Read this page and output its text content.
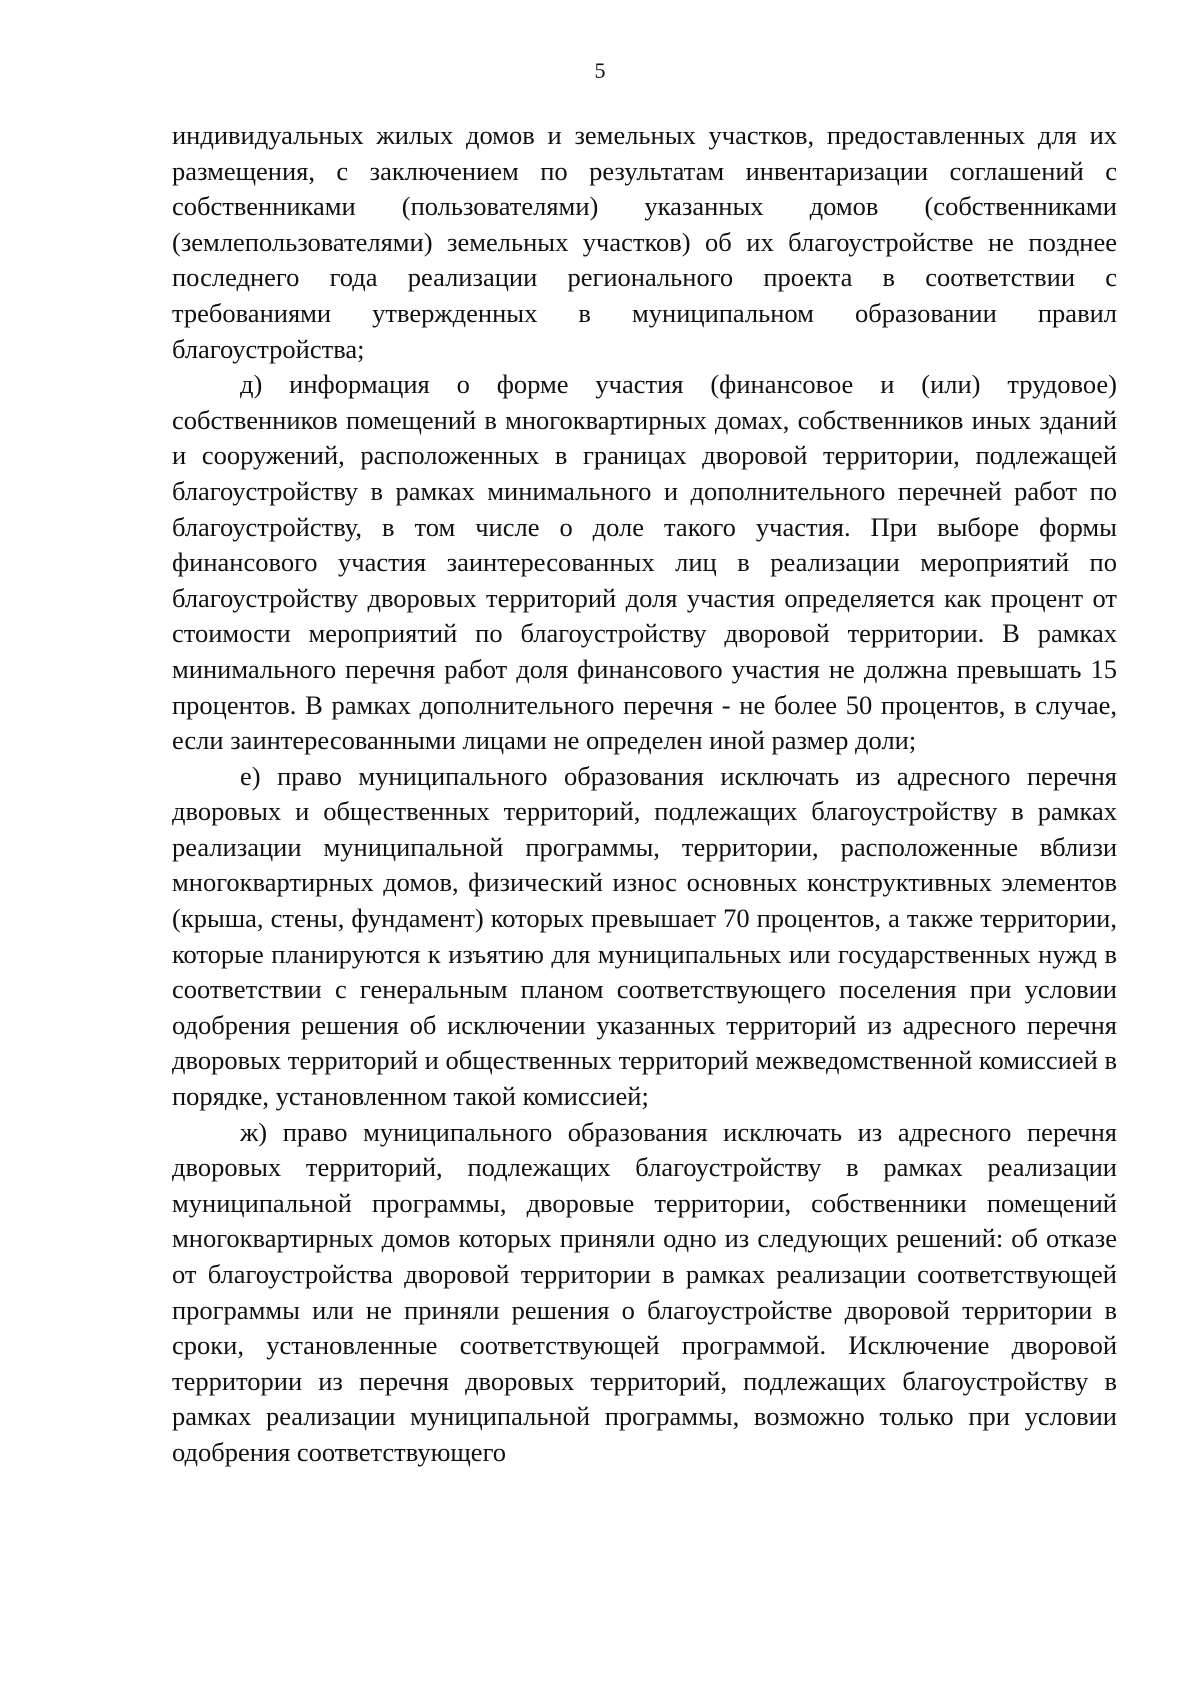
5

индивидуальных жилых домов и земельных участков, предоставленных для их размещения, с заключением по результатам инвентаризации соглашений с собственниками (пользователями) указанных домов (собственниками (землепользователями) земельных участков) об их благоустройстве не позднее последнего года реализации регионального проекта в соответствии с требованиями утвержденных в муниципальном образовании правил благоустройства;

д) информация о форме участия (финансовое и (или) трудовое) собственников помещений в многоквартирных домах, собственников иных зданий и сооружений, расположенных в границах дворовой территории, подлежащей благоустройству в рамках минимального и дополнительного перечней работ по благоустройству, в том числе о доле такого участия. При выборе формы финансового участия заинтересованных лиц в реализации мероприятий по благоустройству дворовых территорий доля участия определяется как процент от стоимости мероприятий по благоустройству дворовой территории. В рамках минимального перечня работ доля финансового участия не должна превышать 15 процентов. В рамках дополнительного перечня - не более 50 процентов, в случае, если заинтересованными лицами не определен иной размер доли;

е) право муниципального образования исключать из адресного перечня дворовых и общественных территорий, подлежащих благоустройству в рамках реализации муниципальной программы, территории, расположенные вблизи многоквартирных домов, физический износ основных конструктивных элементов (крыша, стены, фундамент) которых превышает 70 процентов, а также территории, которые планируются к изъятию для муниципальных или государственных нужд в соответствии с генеральным планом соответствующего поселения при условии одобрения решения об исключении указанных территорий из адресного перечня дворовых территорий и общественных территорий межведомственной комиссией в порядке, установленном такой комиссией;

ж) право муниципального образования исключать из адресного перечня дворовых территорий, подлежащих благоустройству в рамках реализации муниципальной программы, дворовые территории, собственники помещений многоквартирных домов которых приняли одно из следующих решений: об отказе от благоустройства дворовой территории в рамках реализации соответствующей программы или не приняли решения о благоустройстве дворовой территории в сроки, установленные соответствующей программой. Исключение дворовой территории из перечня дворовых территорий, подлежащих благоустройству в рамках реализации муниципальной программы, возможно только при условии одобрения соответствующего
